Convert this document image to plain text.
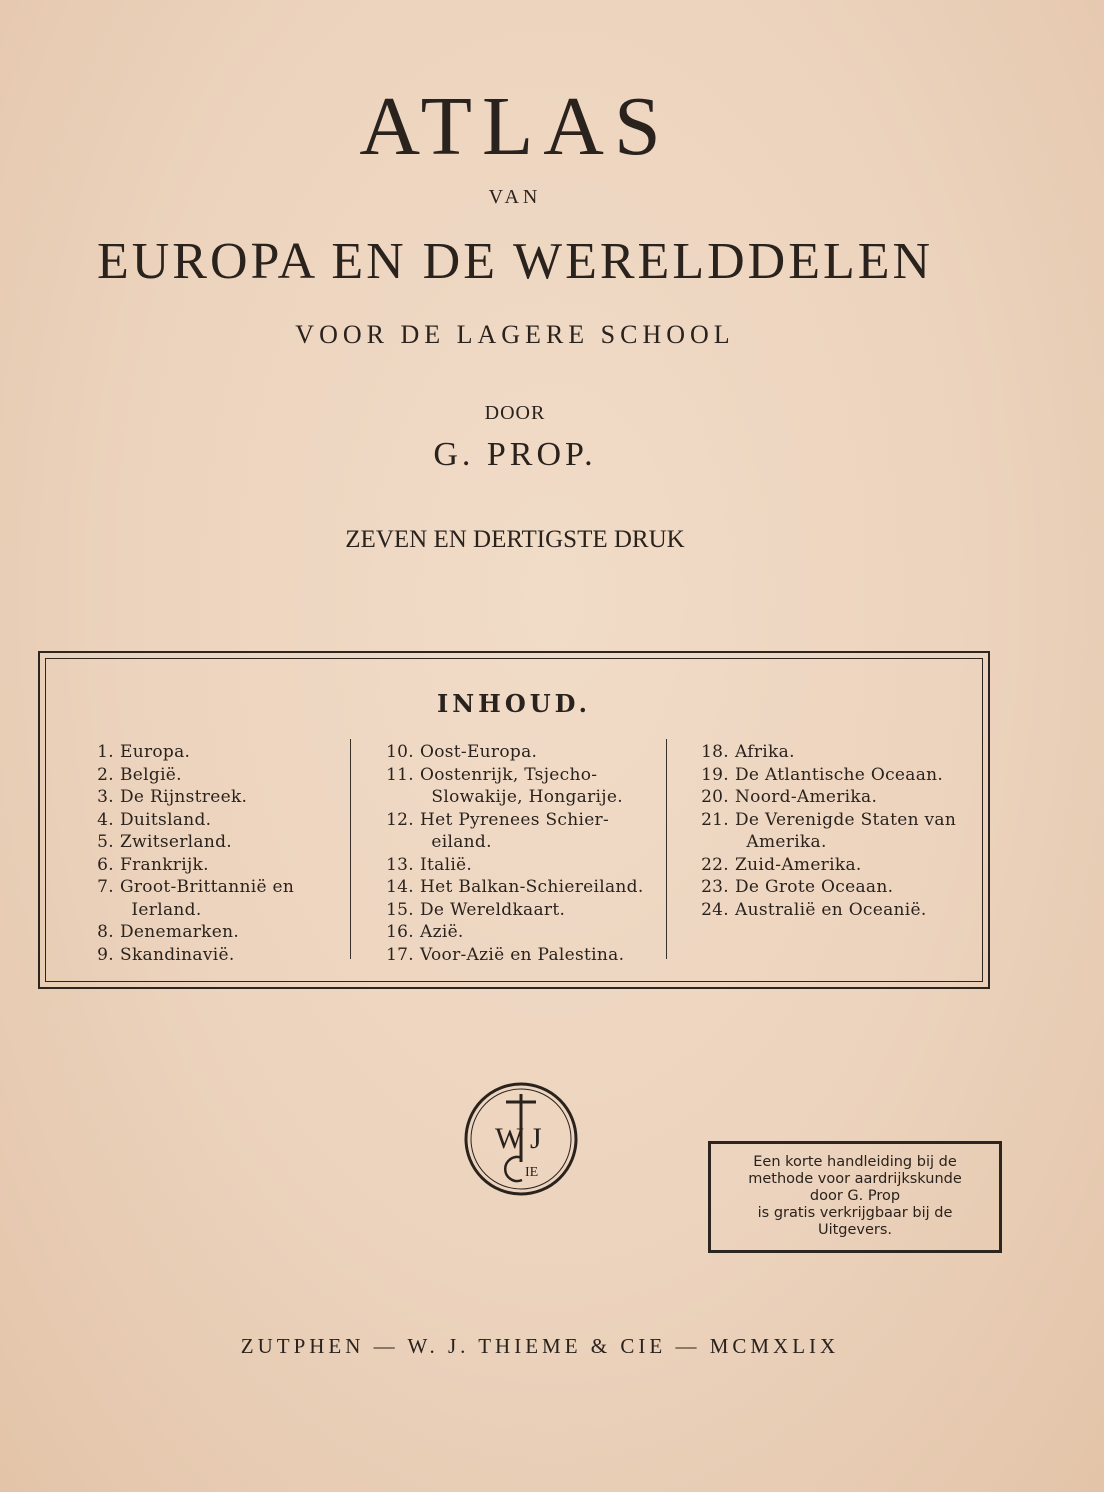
ATLAS
VAN
EUROPA EN DE WERELDDELEN
VOOR DE LAGERE SCHOOL
DOOR
G. PROP.
ZEVEN EN DERTIGSTE DRUK
INHOUD.
1. Europa.
2. België.
3. De Rijnstreek.
4. Duitsland.
5. Zwitserland.
6. Frankrijk.
7. Groot-Brittannië en
Ierland.
8. Denemarken.
9. Skandinavië.
10. Oost-Europa.
11. Oostenrijk, Tsjecho-
Slowakije, Hongarije.
12. Het Pyrenees Schier-
eiland.
13. Italië.
14. Het Balkan-Schiereiland.
15. De Wereldkaart.
16. Azië.
17. Voor-Azië en Palestina.
18. Afrika.
19. De Atlantische Oceaan.
20. Noord-Amerika.
21. De Verenigde Staten van
Amerika.
22. Zuid-Amerika.
23. De Grote Oceaan.
24. Australië en Oceanië.
W J
IE
Een korte handleiding bij de
methode voor aardrijkskunde
door G. Prop
is gratis verkrijgbaar bij de
Uitgevers.
ZUTPHEN — W. J. THIEME & CIE — MCMXLIX
